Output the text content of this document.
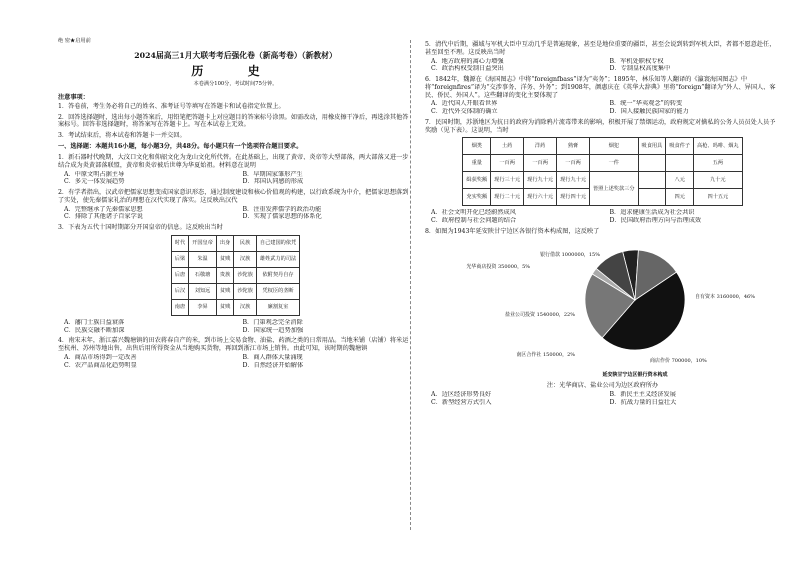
绝 密★启用前
2024届高三1月大联考考后强化卷（新高考卷）（新教材）
历 史
本卷满分100分，考试时间75分钟。
注意事项：

1．答卷前，考生务必将自己的姓名、准考证号等填写在答题卡和试卷指定位置上。

2．回答选择题时，选出每小题答案后，用铅笔把答题卡上对应题目的答案标号涂黑。如需改动，用橡皮擦干净后，再选涂其他答案标号。回答非选择题时，将答案写在答题卡上。写在本试卷上无效。

3．考试结束后，将本试卷和答题卡一并交回。

一、选择题：本题共16小题，每小题3分，共48分。每小题只有一个选项符合题目要求。

1．新石器时代晚期，大汶口文化和仰韶文化为龙山文化所代替。在此基础上，出现了黄帝、炎帝等大型部落，两大部落又进一步结合成为炎黄部落联盟，黄帝和炎帝被后世尊为华夏始祖。材料意在说明

A．中原文明占据主导	B．早期国家雏形产生
C．多元一体发展趋势	D．邦国认同感的形成

2．有学者指出，汉武帝把儒家思想变成国家意识形态，通过制度建设和核心价值观的构建，以行政系统为中介，把儒家思想落到了实处，使先秦儒家礼治的理想在汉代实现了落实。这反映出汉代

A．完整继承了先秦儒家思想	B．注重发挥儒学的政治功能
C．排除了其他诸子百家学说	D．实现了儒家思想的体系化

3．下表为五代十国时期部分开国皇帝的信息。这反映出当时

时代	开国皇帝	出身	民族	自己建国的依凭
后梁	朱温	贫贱	汉族	雄姓武力的司法
后唐	石敬瑭	贵族	沙陀族	依附契丹自存
后汉	刘知远	贫贱	沙陀族	凭权臣的垄断
南唐	李昪	贫贱	汉族	廉割复室
A．藩门士族日益衰落	B．门第观念完全消除
C．民族交融不断加深	D．国家统一趋势加强

4．南宋末年，浙江嘉兴魏塘镇的田农蒋春自产的米，到市场上交易食物、油盐、药酒之类的日常用品。当地米铺（店铺）将米运至杭州、苏州等地出售，出售后用所得资金从当地购买货物，再回到浙江市场上销售。由此可知，该时期的魏塘镇

A．商品市场得到一定改善	B．商人群体大量涌现
C．农产品商品化趋势明显	D．自然经济开始解体

5．清代中后期，疆域与军机大臣中互动几乎是普遍现象，甚至是地位重要的疆臣，甚至会说到转到军机大臣，者都不愿意赴任，甚至回至不理。这反映出当时

A．地方政府的离心力增强	B．军机处职权专权
C．政治构权受制日益突出	D．专制皇权高度集中

6．1842年，魏源在《海国图志》中将“foreignfbass”译为“夷务”；1895年，林乐知等人翻译的《瀛寰海国图志》中将“foreignfires”译为“交涉事务、洋务、外务”；到1908年，颜惠庆在《英华大辞典》里将“foreign”翻译为“外人、异国人、客民、侨民、外国人”。这些翻译的变化主要体现了

A．近代国人开眼看世界	B．统一“华夷观念”的转变
C．近代外交体制的确立	D．国人接触民族国家的能力

7．民国时期，苏浙地区为抗日的政府为消除鸦片流毒带来的影响，积极开展了禁烟运动，政府规定对擒私的公务人员员处人员予奖励（见下表）。这说明，当时

烟类	土药	洋药	熟膏	烟犯	吸食用具	吸食件子	高枪、吗啡、烟丸
重量	一百两	一百两	一百两	一件			五两
缉获奖额	现行三十元	现行九十元	现行九十元	皆照上述奖款三分		八元	九十元
充实奖额	现行二十元	现行六十元	现行四十元			四元	四十五元
A．社会文明开化已经蔚然成风	B．追求健康生活成为社会共识
C．政府控制与社会问题的结合	D．民国政府治理方向与治理成效

8．如图为1943年延安陕甘宁边区各银行资本构成图，这反映了

光华商店投资 350000，5%
银行借款 1000000，15%
自有资本 3160000，46%
盐业公司投资 1540000，22%
南区合作社 150000，2%
商店作价 700000，10%
延安陕甘宁边区银行资本构成

注：光华商店、盐业公司为边区政府所办

A．边区经济形势良好	B．新民主主义经济发展
C．新型经营方式引入	D．抗战力量的日益壮大
